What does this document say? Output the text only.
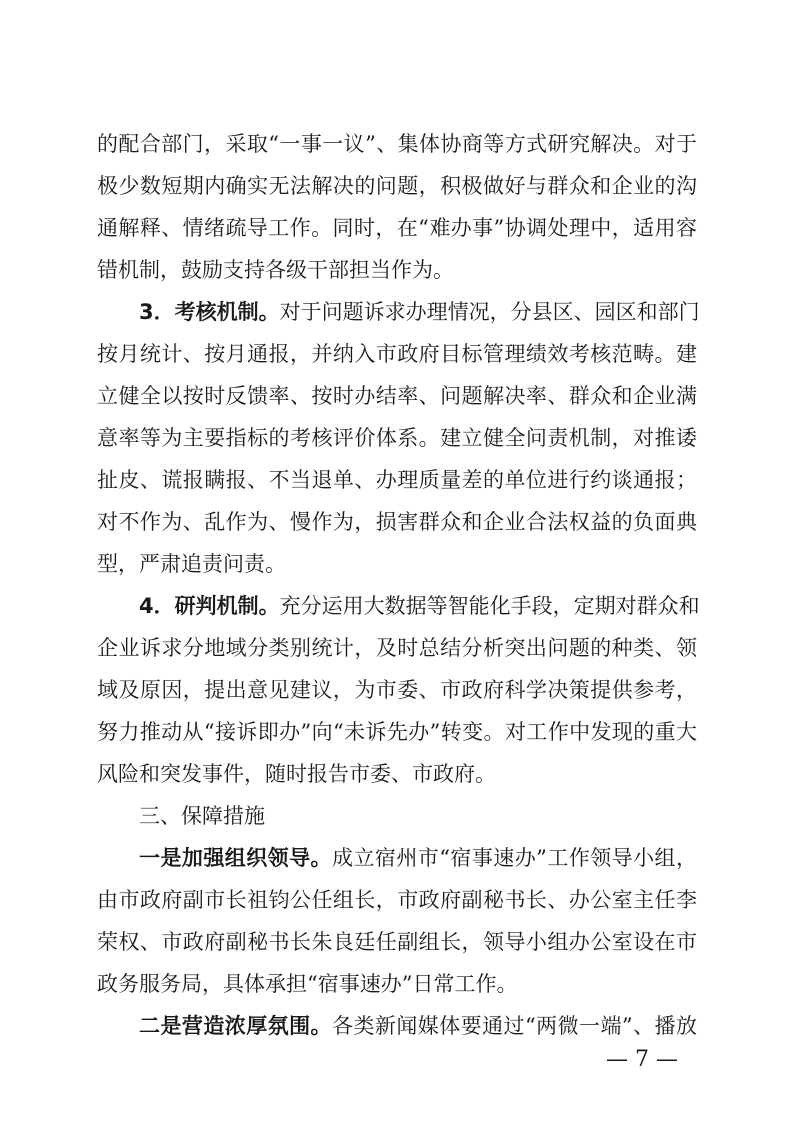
的配合部门，采取“一事一议”、集体协商等方式研究解决。对于
极少数短期内确实无法解决的问题，积极做好与群众和企业的沟
通解释、情绪疏导工作。同时，在“难办事”协调处理中，适用容
错机制，鼓励支持各级干部担当作为。
3．考核机制。对于问题诉求办理情况，分县区、园区和部门
按月统计、按月通报，并纳入市政府目标管理绩效考核范畴。建
立健全以按时反馈率、按时办结率、问题解决率、群众和企业满
意率等为主要指标的考核评价体系。建立健全问责机制，对推诿
扯皮、谎报瞒报、不当退单、办理质量差的单位进行约谈通报；
对不作为、乱作为、慢作为，损害群众和企业合法权益的负面典
型，严肃追责问责。
4．研判机制。充分运用大数据等智能化手段，定期对群众和
企业诉求分地域分类别统计，及时总结分析突出问题的种类、领
域及原因，提出意见建议，为市委、市政府科学决策提供参考，
努力推动从“接诉即办”向“未诉先办”转变。对工作中发现的重大
风险和突发事件，随时报告市委、市政府。
三、保障措施
一是加强组织领导。成立宿州市“宿事速办”工作领导小组，
由市政府副市长祖钧公任组长，市政府副秘书长、办公室主任李
荣权、市政府副秘书长朱良廷任副组长，领导小组办公室设在市
政务服务局，具体承担“宿事速办”日常工作。
二是营造浓厚氛围。各类新闻媒体要通过“两微一端”、播放
— 7 —
